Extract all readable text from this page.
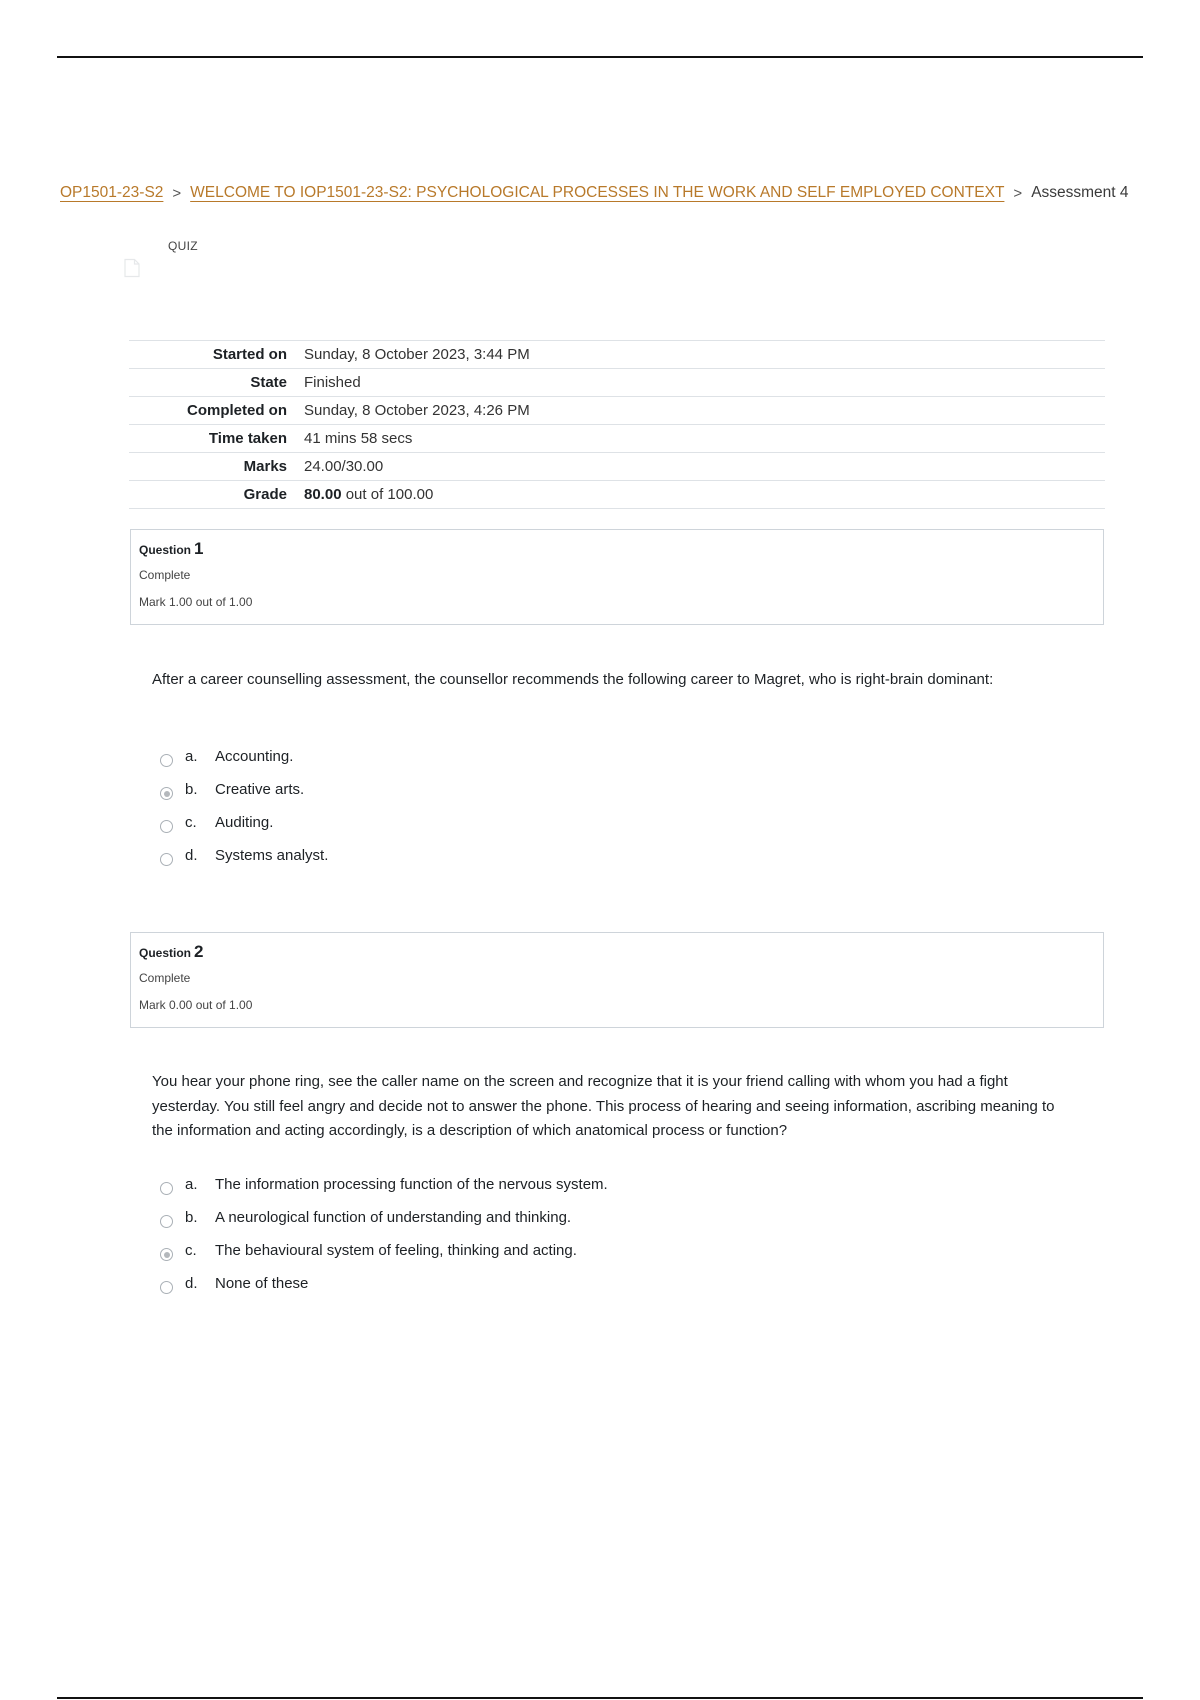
OP1501-23-S2 > WELCOME TO IOP1501-23-S2: PSYCHOLOGICAL PROCESSES IN THE WORK AND SELF EMPLOYED CONTEXT > Assessment 4
QUIZ
Started on	Sunday, 8 October 2023, 3:44 PM
State	Finished
Completed on	Sunday, 8 October 2023, 4:26 PM
Time taken	41 mins 58 secs
Marks	24.00/30.00
Grade	80.00 out of 100.00
Question 1
Complete
Mark 1.00 out of 1.00
After a career counselling assessment, the counsellor recommends the following career to Magret, who is right-brain dominant:
a. Accounting.
b. Creative arts.
c. Auditing.
d. Systems analyst.
Question 2
Complete
Mark 0.00 out of 1.00
You hear your phone ring, see the caller name on the screen and recognize that it is your friend calling with whom you had a fight yesterday. You still feel angry and decide not to answer the phone. This process of hearing and seeing information, ascribing meaning to the information and acting accordingly, is a description of which anatomical process or function?
a. The information processing function of the nervous system.
b. A neurological function of understanding and thinking.
c. The behavioural system of feeling, thinking and acting.
d. None of these
